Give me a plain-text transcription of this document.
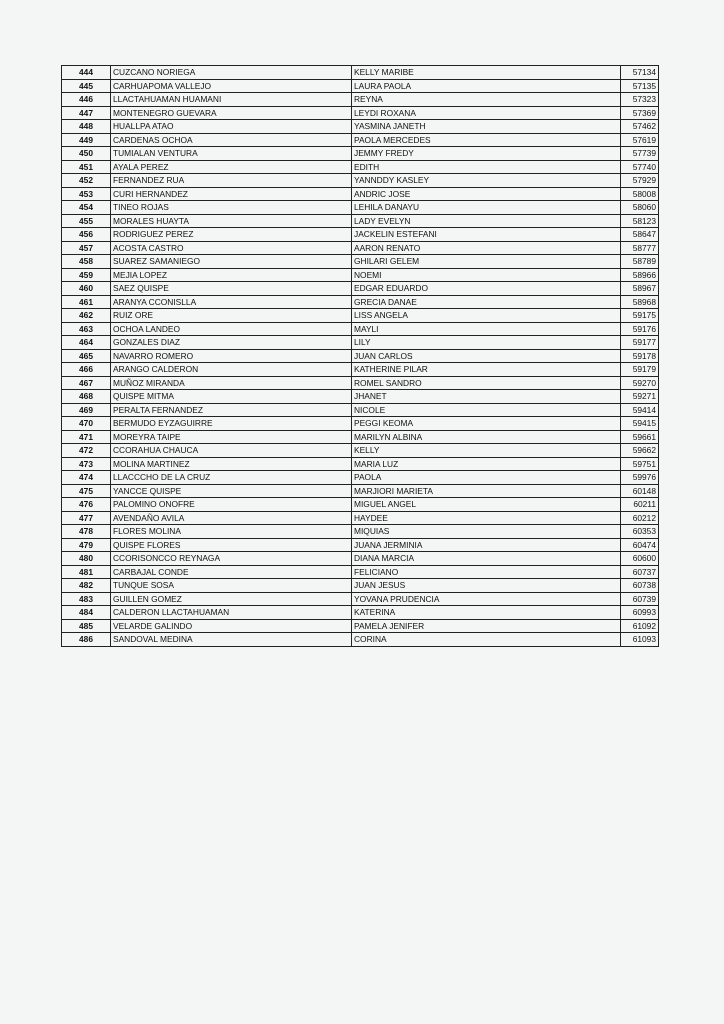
444	CUZCANO NORIEGA	KELLY MARIBE	57134
445	CARHUAPOMA VALLEJO	LAURA PAOLA	57135
446	LLACTAHUAMAN HUAMANI	REYNA	57323
447	MONTENEGRO GUEVARA	LEYDI ROXANA	57369
448	HUALLPA ATAO	YASMINA JANETH	57462
449	CARDENAS OCHOA	PAOLA MERCEDES	57619
450	TUMIALAN VENTURA	JEMMY FREDY	57739
451	AYALA PEREZ	EDITH	57740
452	FERNANDEZ RUA	YANNDDY KASLEY	57929
453	CURI HERNANDEZ	ANDRIC JOSE	58008
454	TINEO ROJAS	LEHILA DANAYU	58060
455	MORALES HUAYTA	LADY EVELYN	58123
456	RODRIGUEZ PEREZ	JACKELIN ESTEFANI	58647
457	ACOSTA CASTRO	AARON RENATO	58777
458	SUAREZ SAMANIEGO	GHILARI GELEM	58789
459	MEJIA LOPEZ	NOEMI	58966
460	SAEZ QUISPE	EDGAR EDUARDO	58967
461	ARANYA CCONISLLA	GRECIA DANAE	58968
462	RUIZ ORE	LISS ANGELA	59175
463	OCHOA LANDEO	MAYLI	59176
464	GONZALES DIAZ	LILY	59177
465	NAVARRO ROMERO	JUAN CARLOS	59178
466	ARANGO CALDERON	KATHERINE PILAR	59179
467	MUÑOZ MIRANDA	ROMEL SANDRO	59270
468	QUISPE MITMA	JHANET	59271
469	PERALTA FERNANDEZ	NICOLE	59414
470	BERMUDO EYZAGUIRRE	PEGGI KEOMA	59415
471	MOREYRA TAIPE	MARILYN ALBINA	59661
472	CCORAHUA CHAUCA	KELLY	59662
473	MOLINA MARTINEZ	MARIA LUZ	59751
474	LLACCCHO DE LA CRUZ	PAOLA	59976
475	YANCCE QUISPE	MARJIORI MARIETA	60148
476	PALOMINO ONOFRE	MIGUEL ANGEL	60211
477	AVENDAÑO AVILA	HAYDEE	60212
478	FLORES MOLINA	MIQUIAS	60353
479	QUISPE FLORES	JUANA JERMINIA	60474
480	CCORISONCCO REYNAGA	DIANA MARCIA	60600
481	CARBAJAL CONDE	FELICIANO	60737
482	TUNQUE SOSA	JUAN JESUS	60738
483	GUILLEN GOMEZ	YOVANA PRUDENCIA	60739
484	CALDERON LLACTAHUAMAN	KATERINA	60993
485	VELARDE GALINDO	PAMELA JENIFER	61092
486	SANDOVAL MEDINA	CORINA	61093
